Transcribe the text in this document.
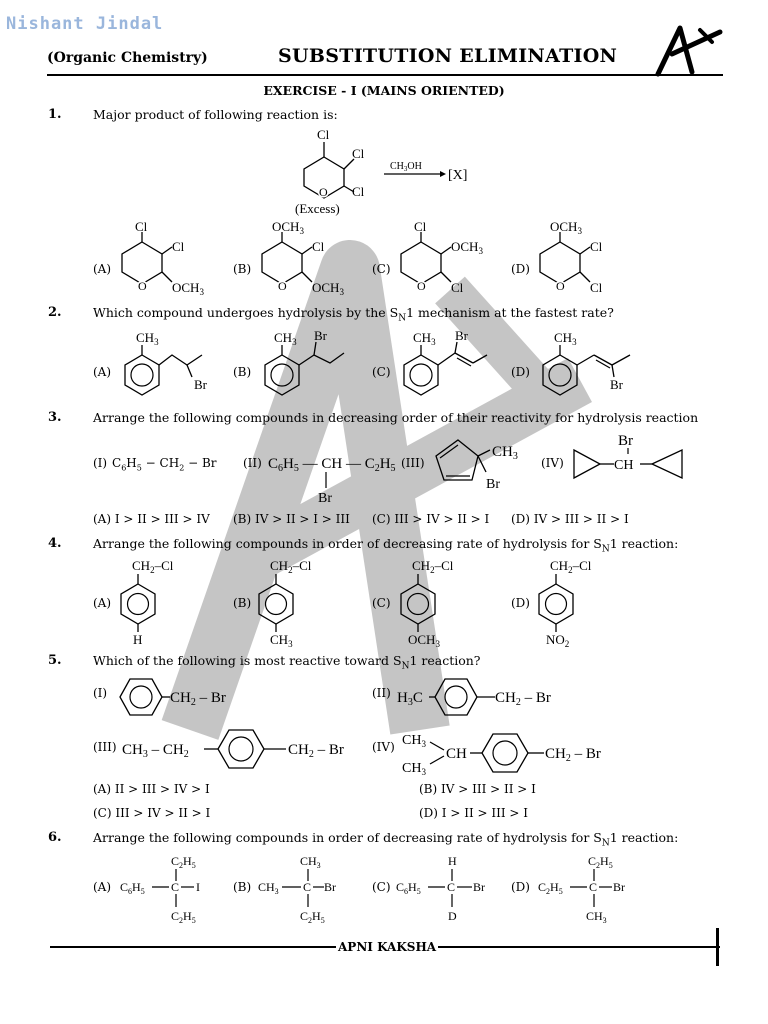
Nishant Jindal
(Organic Chemistry)	SUBSTITUTION ELIMINATION
EXERCISE - I (MAINS ORIENTED)
1.	Major product of following reaction is:
Cl
Cl
Cl
O
(Excess)
$CH_3OH$
[X]
(A)
Cl
Cl
$OCH_3$
O
(B)
$OCH_3$
Cl
$OCH_3$
O
(C)
Cl
$OCH_3$
Cl
O
(D)
$OCH_3$
Cl
Cl
O
2.	Which compound undergoes hydrolysis by the $S_N1$ mechanism at the fastest rate?
(A)
$CH_3$
Br
(B)
$CH_3$ Br
(C)
$CH_3$ Br
(D)
$CH_3$
Br
3.	Arrange the following compounds in decreasing order of their reactivity for hydrolysis reaction
(I) $C_6H_5 - CH_2 - Br$ (II) $C_6H_5$ — CH — $C_2H_5$
Br
(III)
$CH_3$
Br
(IV)	CH
Br
(A) I > II > III > IV (B) IV > II > I > III (C) III > IV > II > I (D) IV > III > II > I
4.	Arrange the following compounds in order of decreasing rate of hydrolysis for $S_N1$ reaction:
(A)
$CH_2-Cl$
H
(B)
$CH_2-Cl$
$CH_3$
(C)
$CH_2-Cl$
$OCH_3$
(D)
$CH_2-Cl$
$NO_2$
5.	Which of the following is most reactive toward $S_N1$ reaction?
(I)	$CH_2$ – Br	(II) $H_3C$	$CH_2$ – Br
(III) $CH_3 - CH_2$	$CH_2$ – Br (IV) $CH_3$
$CH_3$
CH	$CH_2$ – Br
(A) II > III > IV > I	(B) IV > III > II > I
(C) III > IV > II > I	(D) I > II > III > I
6.	Arrange the following compounds in order of decreasing rate of hydrolysis for $S_N1$ reaction:
(A)
$C_2H_5$
$C_6H_5$ C I
$C_2H_5$
(B)
$CH_3$
$CH_3$ C Br
$C_2H_5$
(C)
H
$C_6H_5$ C Br
D
(D)
$C_2H_5$
$C_2H_5$ C Br
$CH_3$
APNI KAKSHA
